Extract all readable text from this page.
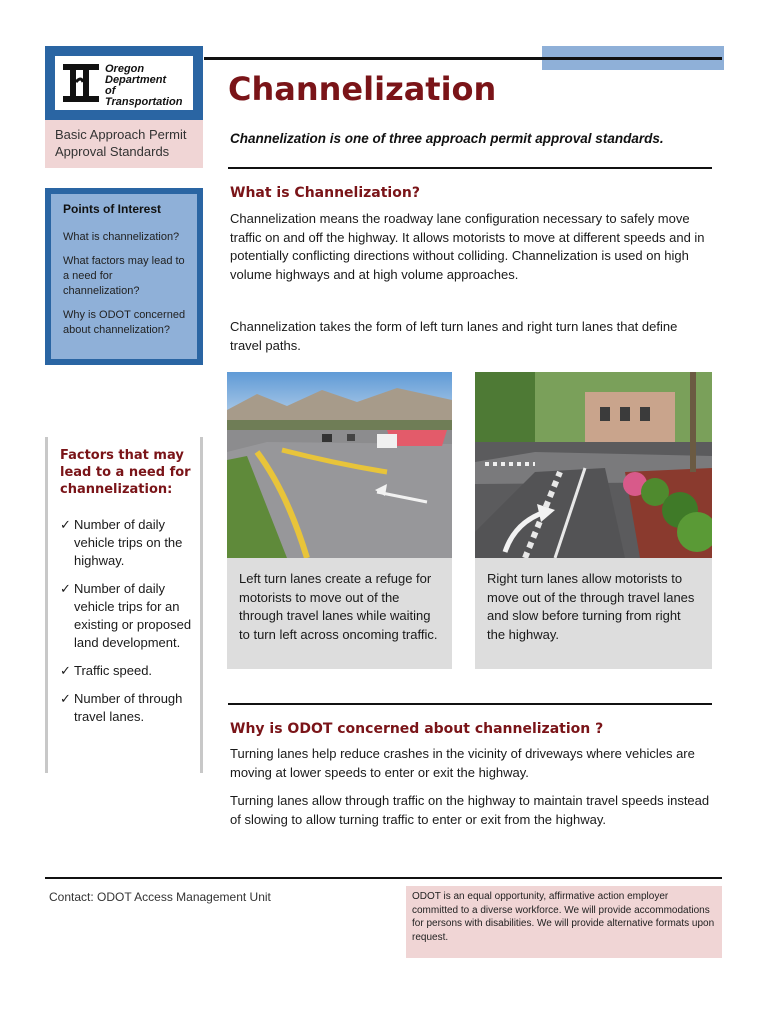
Oregon
Department
of Transportation
Basic Approach Permit Approval Standards
Channelization
Channelization is one of three approach permit approval standards.
Points of Interest
What is channelization?
What factors may lead to a need for channelization?
Why is ODOT concerned about channelization?
Factors that may lead to a need for channelization:
✓ Number of daily vehicle trips on the highway.
✓ Number of daily vehicle trips for an existing or proposed land development.
✓ Traffic speed.
✓ Number of through travel lanes.
What is Channelization?
Channelization means the roadway lane configuration necessary to safely move traffic on and off the highway. It allows motorists to move at different speeds and in potentially conflicting directions without colliding. Channelization is used on high volume highways and at high volume approaches.
Channelization takes the form of left turn lanes and right turn lanes that define travel paths.
Left turn lanes create a refuge for motorists to move out of the through travel lanes while waiting to turn left across oncoming traffic.
Right turn lanes allow motorists to move out of the through travel lanes and slow before turning from right the highway.
Why is ODOT concerned about channelization ?
Turning lanes help reduce crashes in the vicinity of driveways where vehicles are moving at lower speeds to enter or exit the highway.
Turning lanes allow through traffic on the highway to maintain travel speeds instead of slowing to allow turning traffic to enter or exit from the highway.
Contact: ODOT Access Management Unit	ODOT is an equal opportunity, affirmative action employer committed to a diverse workforce. We will provide accommodations for persons with disabilities. We will provide alternative formats upon request.
